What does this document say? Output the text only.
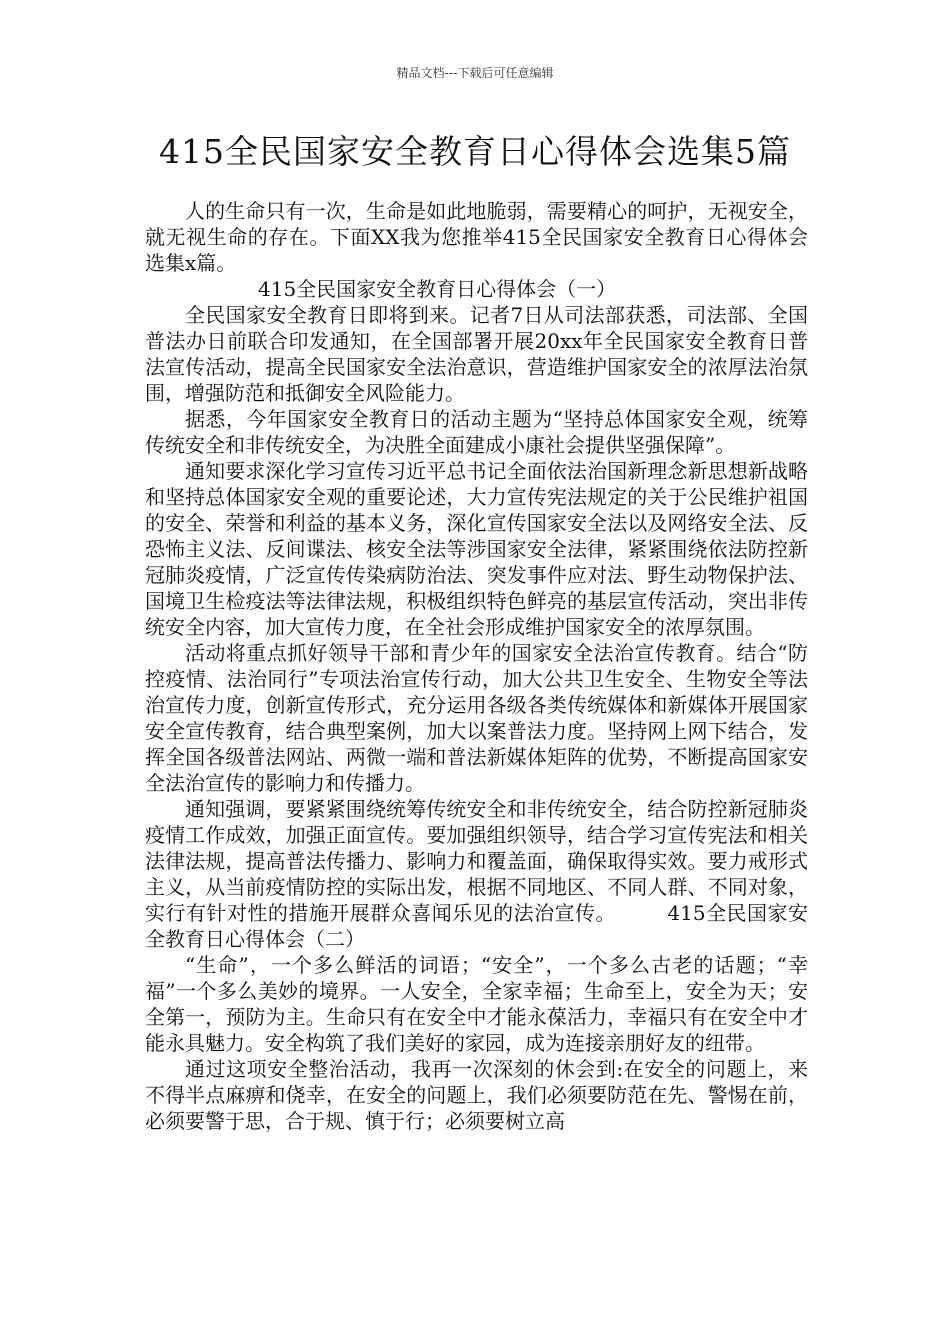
精品文档---下载后可任意编辑
415全民国家安全教育日心得体会选集5篇

人的生命只有一次，生命是如此地脆弱，需要精心的呵护，无视安全，就无视生命的存在。下面XX我为您推举415全民国家安全教育日心得体会选集x篇。

415全民国家安全教育日心得体会（一）

全民国家安全教育日即将到来。记者7日从司法部获悉，司法部、全国普法办日前联合印发通知，在全国部署开展20xx年全民国家安全教育日普法宣传活动，提高全民国家安全法治意识，营造维护国家安全的浓厚法治氛围，增强防范和抵御安全风险能力。

据悉，今年国家安全教育日的活动主题为“坚持总体国家安全观，统筹传统安全和非传统安全，为决胜全面建成小康社会提供坚强保障”。

通知要求深化学习宣传习近平总书记全面依法治国新理念新思想新战略和坚持总体国家安全观的重要论述，大力宣传宪法规定的关于公民维护祖国的安全、荣誉和利益的基本义务，深化宣传国家安全法以及网络安全法、反恐怖主义法、反间谍法、核安全法等涉国家安全法律，紧紧围绕依法防控新冠肺炎疫情，广泛宣传传染病防治法、突发事件应对法、野生动物保护法、国境卫生检疫法等法律法规，积极组织特色鲜亮的基层宣传活动，突出非传统安全内容，加大宣传力度，在全社会形成维护国家安全的浓厚氛围。

活动将重点抓好领导干部和青少年的国家安全法治宣传教育。结合“防控疫情、法治同行”专项法治宣传行动，加大公共卫生安全、生物安全等法治宣传力度，创新宣传形式，充分运用各级各类传统媒体和新媒体开展国家安全宣传教育，结合典型案例，加大以案普法力度。坚持网上网下结合，发挥全国各级普法网站、两微一端和普法新媒体矩阵的优势，不断提高国家安全法治宣传的影响力和传播力。

通知强调，要紧紧围绕统筹传统安全和非传统安全，结合防控新冠肺炎疫情工作成效，加强正面宣传。要加强组织领导，结合学习宣传宪法和相关法律法规，提高普法传播力、影响力和覆盖面，确保取得实效。要力戒形式主义，从当前疫情防控的实际出发，根据不同地区、不同人群、不同对象，实行有针对性的措施开展群众喜闻乐见的法治宣传。　　　415全民国家安全教育日心得体会（二）

“生命”，一个多么鲜活的词语；“安全”，一个多么古老的话题；“幸福”一个多么美妙的境界。一人安全，全家幸福；生命至上，安全为天；安全第一，预防为主。生命只有在安全中才能永葆活力，幸福只有在安全中才能永具魅力。安全构筑了我们美好的家园，成为连接亲朋好友的纽带。

通过这项安全整治活动，我再一次深刻的休会到:在安全的问题上，来不得半点麻痹和侥幸，在安全的问题上，我们必须要防范在先、警惕在前，必须要警于思，合于规、慎于行；必须要树立高
